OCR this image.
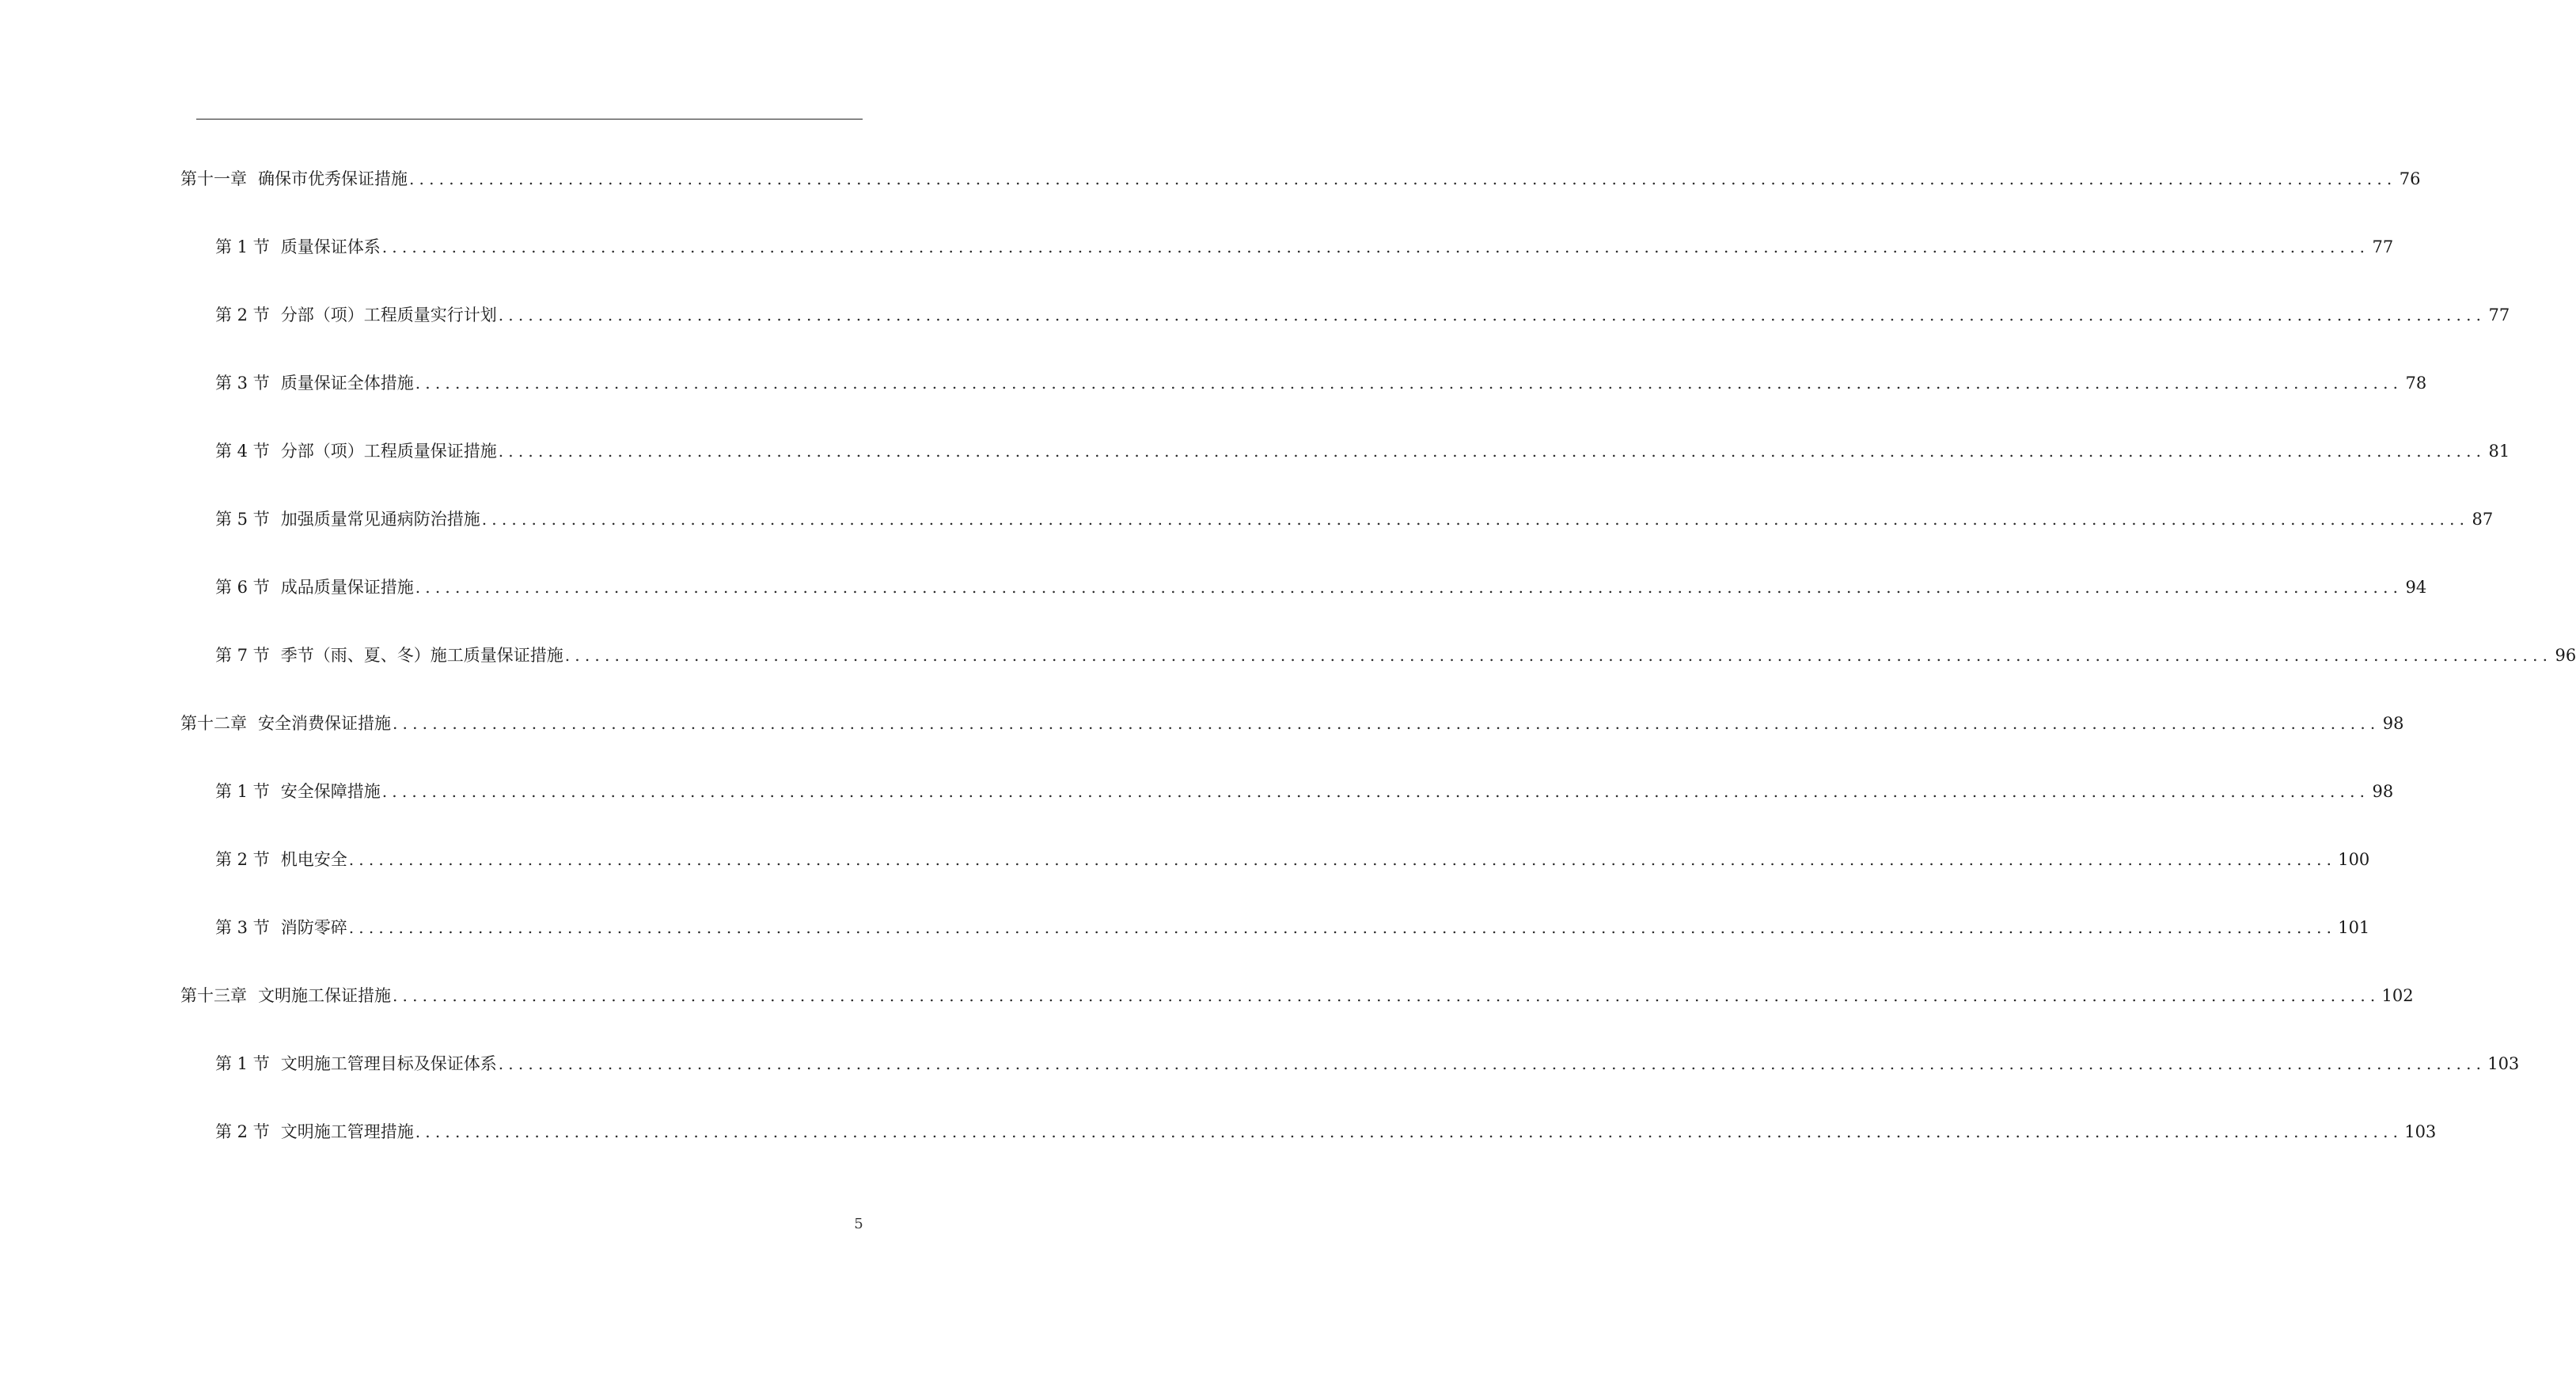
第十一章 确保市优秀保证措施 ........................................................................................................................................................................................................ 76
第 1 节 质量保证体系 ........................................................................................................................................................................................................ 77
第 2 节 分部（项）工程质量实行计划 ........................................................................................................................................................................................................ 77
第 3 节 质量保证全体措施 ........................................................................................................................................................................................................ 78
第 4 节 分部（项）工程质量保证措施 ........................................................................................................................................................................................................ 81
第 5 节 加强质量常见通病防治措施 ........................................................................................................................................................................................................ 87
第 6 节 成品质量保证措施 ........................................................................................................................................................................................................ 94
第 7 节 季节（雨、夏、冬）施工质量保证措施 ........................................................................................................................................................................................................ 96
第十二章 安全消费保证措施 ........................................................................................................................................................................................................ 98
第 1 节 安全保障措施 ........................................................................................................................................................................................................ 98
第 2 节 机电安全 ........................................................................................................................................................................................................ 100
第 3 节 消防零碎 ........................................................................................................................................................................................................ 101
第十三章 文明施工保证措施 ........................................................................................................................................................................................................ 102
第 1 节 文明施工管理目标及保证体系 ........................................................................................................................................................................................................ 103
第 2 节 文明施工管理措施 ........................................................................................................................................................................................................ 103
5
